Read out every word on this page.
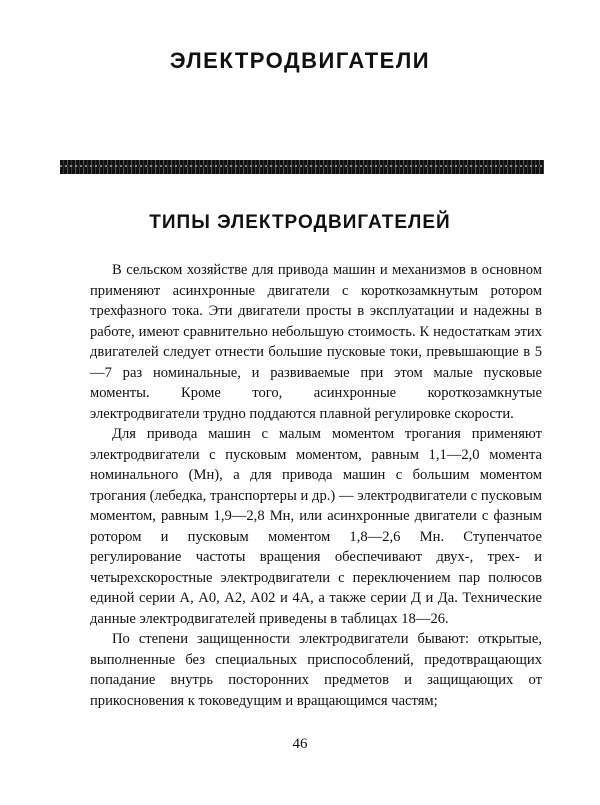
ЭЛЕКТРОДВИГАТЕЛИ
ТИПЫ ЭЛЕКТРОДВИГАТЕЛЕЙ

В сельском хозяйстве для привода машин и механизмов в основном применяют асинхронные двигатели с короткозамкнутым ротором трехфазного тока. Эти двигатели просты в эксплуатации и надежны в работе, имеют сравнительно небольшую стоимость. К недостаткам этих двигателей следует отнести большие пусковые токи, превышающие в 5—7 раз номинальные, и развиваемые при этом малые пусковые моменты. Кроме того, асинхронные короткозамкнутые электродвигатели трудно поддаются плавной регулировке скорости.

Для привода машин с малым моментом трогания применяют электродвигатели с пусковым моментом, равным 1,1—2,0 момента номинального (Mн), а для привода машин с большим моментом трогания (лебедка, транспортеры и др.) — электродвигатели с пусковым моментом, равным 1,9—2,8 Mн, или асинхронные двигатели с фазным ротором и пусковым моментом 1,8—2,6 Mн. Ступенчатое регулирование частоты вращения обеспечивают двух-, трех- и четырехскоростные электродвигатели с переключением пар полюсов единой серии А, А0, А2, А02 и 4А, а также серии Д и Да. Технические данные электродвигателей приведены в таблицах 18—26.

По степени защищенности электродвигатели бывают: открытые, выполненные без специальных приспособлений, предотвращающих попадание внутрь посторонних предметов и защищающих от прикосновения к токоведущим и вращающимся частям;

46
